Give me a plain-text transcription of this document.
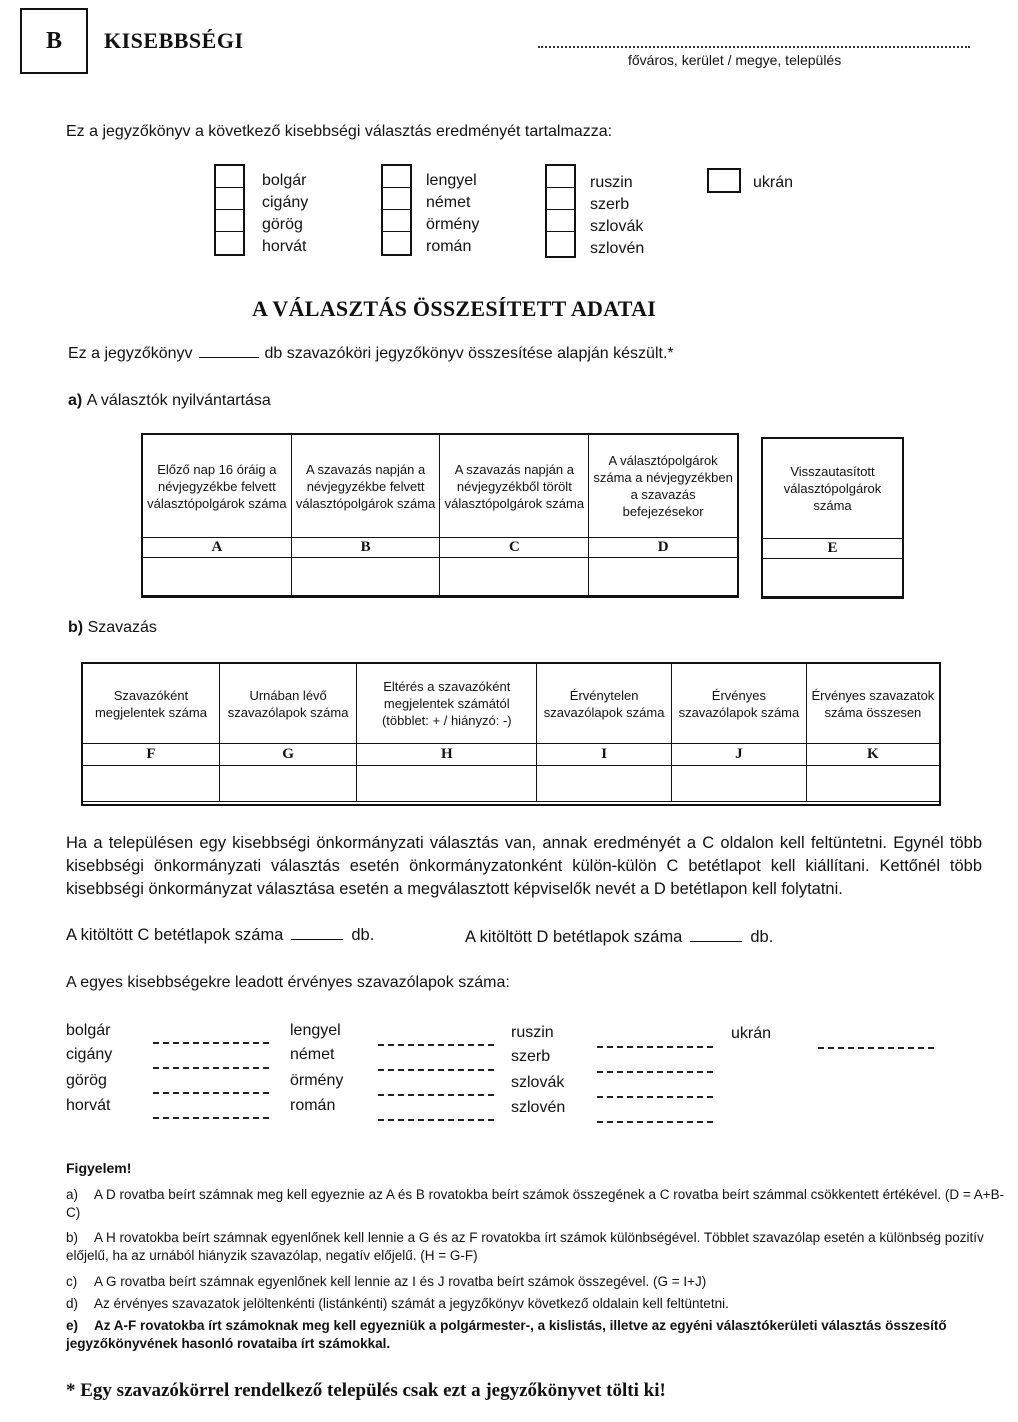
B KISEBBSÉGI
főváros, kerület / megye, település
Ez a jegyzőkönyv a következő kisebbségi választás eredményét tartalmazza:
bolgár
cigány
görög
horvát
lengyel
német
örmény
román
ruszin
szerb
szlovák
szlovén
ukrán
A VÁLASZTÁS ÖSSZESÍTETT ADATAI
Ez a jegyzőkönyv	db szavazóköri jegyzőkönyv összesítése alapján készült.*
a) A választók nyilvántartása
Előző nap 16 óráig a névjegyzékbe felvett választópolgárok száma	A szavazás napján a névjegyzékbe felvett választópolgárok száma	A szavazás napján a névjegyzékből törölt választópolgárok száma	A választópolgárok száma a névjegyzékben a szavazás befejezésekor
A	B	C	D

Visszautasított választópolgárok száma
E

b) Szavazás
Szavazóként megjelentek száma	Urnában lévő szavazólapok száma	Eltérés a szavazóként megjelentek számától (többlet: + / hiányzó: -)	Érvénytelen szavazólapok száma	Érvényes szavazólapok száma	Érvényes szavazatok száma összesen
F	G	H	I	J	K

Ha a településen egy kisebbségi önkormányzati választás van, annak eredményét a C oldalon kell feltüntetni. Egynél több kisebbségi önkormányzati választás esetén önkormányzatonként külön-külön C betétlapot kell kiállítani. Kettőnél több kisebbségi önkormányzat választása esetén a megválasztott képviselők nevét a D betétlapon kell folytatni.
A kitöltött C betétlapok száma	db.	A kitöltött D betétlapok száma	db.
A egyes kisebbségekre leadott érvényes szavazólapok száma:
bolgár
cigány
görög
horvát
lengyel
német
örmény
román
ruszin
szerb
szlovák
szlovén
ukrán
Figyelem!
a) A D rovatba beírt számnak meg kell egyeznie az A és B rovatokba beírt számok összegének a C rovatba beírt számmal csökkentett értékével. (D = A+B-C)
b) A H rovatokba beírt számnak egyenlőnek kell lennie a G és az F rovatokba írt számok különbségével. Többlet szavazólap esetén a különbség pozitív előjelű, ha az urnából hiányzik szavazólap, negatív előjelű. (H = G-F)
c) A G rovatba beírt számnak egyenlőnek kell lennie az I és J rovatba beírt számok összegével. (G = I+J)
d) Az érvényes szavazatok jelöltenkénti (listánkénti) számát a jegyzőkönyv következő oldalain kell feltüntetni.
e) Az A-F rovatokba írt számoknak meg kell egyezniük a polgármester-, a kislistás, illetve az egyéni választókerületi választás összesítő jegyzőkönyvének hasonló rovataiba írt számokkal.
* Egy szavazókörrel rendelkező település csak ezt a jegyzőkönyvet tölti ki!
